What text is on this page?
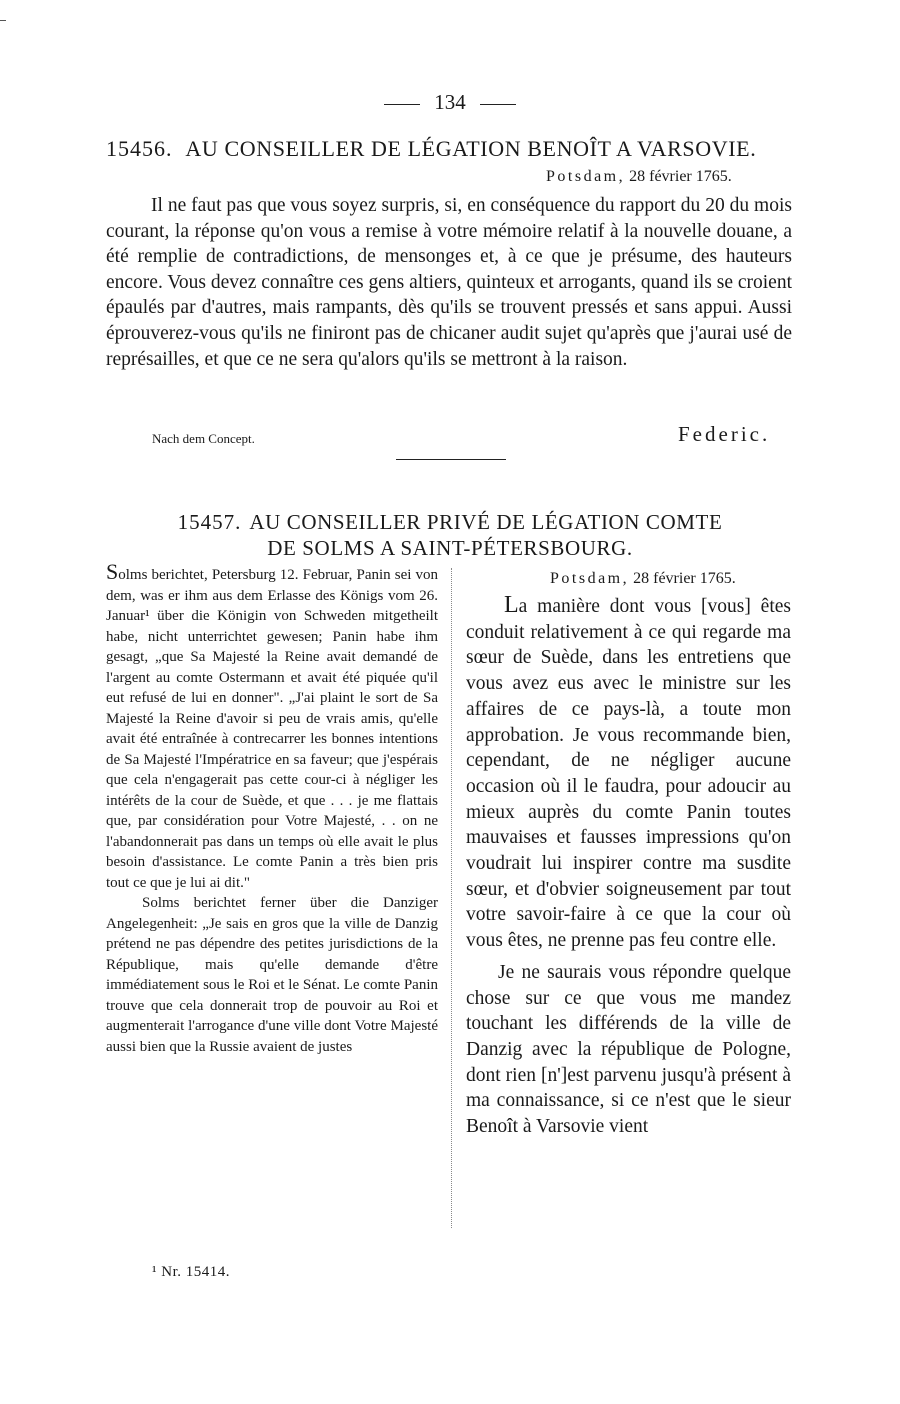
134
15456. AU CONSEILLER DE LÉGATION BENOÎT A VARSOVIE.
Potsdam, 28 février 1765.

Il ne faut pas que vous soyez surpris, si, en conséquence du rapport du 20 du mois courant, la réponse qu'on vous a remise à votre mémoire relatif à la nouvelle douane, a été remplie de contradictions, de mensonges et, à ce que je présume, des hauteurs encore. Vous devez connaître ces gens altiers, quinteux et arrogants, quand ils se croient épaulés par d'autres, mais rampants, dès qu'ils se trouvent pressés et sans appui. Aussi éprouverez-vous qu'ils ne finiront pas de chicaner audit sujet qu'après que j'aurai usé de représailles, et que ce ne sera qu'alors qu'ils se mettront à la raison.

Nach dem Concept.	Federic.
15457. AU CONSEILLER PRIVÉ DE LÉGATION COMTE
DE SOLMS A SAINT-PÉTERSBOURG.

Solms berichtet, Petersburg 12. Februar, Panin sei von dem, was er ihm aus dem Erlasse des Königs vom 26. Januar¹ über die Königin von Schweden mitgetheilt habe, nicht unterrichtet gewesen; Panin habe ihm gesagt, „que Sa Majesté la Reine avait demandé de l'argent au comte Ostermann et avait été piquée qu'il eut refusé de lui en donner". „J'ai plaint le sort de Sa Majesté la Reine d'avoir si peu de vrais amis, qu'elle avait été entraînée à contrecarrer les bonnes intentions de Sa Majesté l'Impératrice en sa faveur; que j'espérais que cela n'engagerait pas cette cour-ci à négliger les intérêts de la cour de Suède, et que . . . je me flattais que, par considération pour Votre Majesté, . . on ne l'abandonnerait pas dans un temps où elle avait le plus besoin d'assistance. Le comte Panin a très bien pris tout ce que je lui ai dit."

Solms berichtet ferner über die Danziger Angelegenheit: „Je sais en gros que la ville de Danzig prétend ne pas dépendre des petites jurisdictions de la République, mais qu'elle demande d'être immédiatement sous le Roi et le Sénat. Le comte Panin trouve que cela donnerait trop de pouvoir au Roi et augmenterait l'arrogance d'une ville dont Votre Majesté aussi bien que la Russie avaient de justes

Potsdam, 28 février 1765.

La manière dont vous [vous] êtes conduit relativement à ce qui regarde ma sœur de Suède, dans les entretiens que vous avez eus avec le ministre sur les affaires de ce pays-là, a toute mon approbation. Je vous recommande bien, cependant, de ne négliger aucune occasion où il le faudra, pour adoucir au mieux auprès du comte Panin toutes mauvaises et fausses impressions qu'on voudrait lui inspirer contre ma susdite sœur, et d'obvier soigneusement par tout votre savoir-faire à ce que la cour où vous êtes, ne prenne pas feu contre elle.

Je ne saurais vous répondre quelque chose sur ce que vous me mandez touchant les différends de la ville de Danzig avec la république de Pologne, dont rien [n']est parvenu jusqu'à présent à ma connaissance, si ce n'est que le sieur Benoît à Varsovie vient

¹ Nr. 15414.
